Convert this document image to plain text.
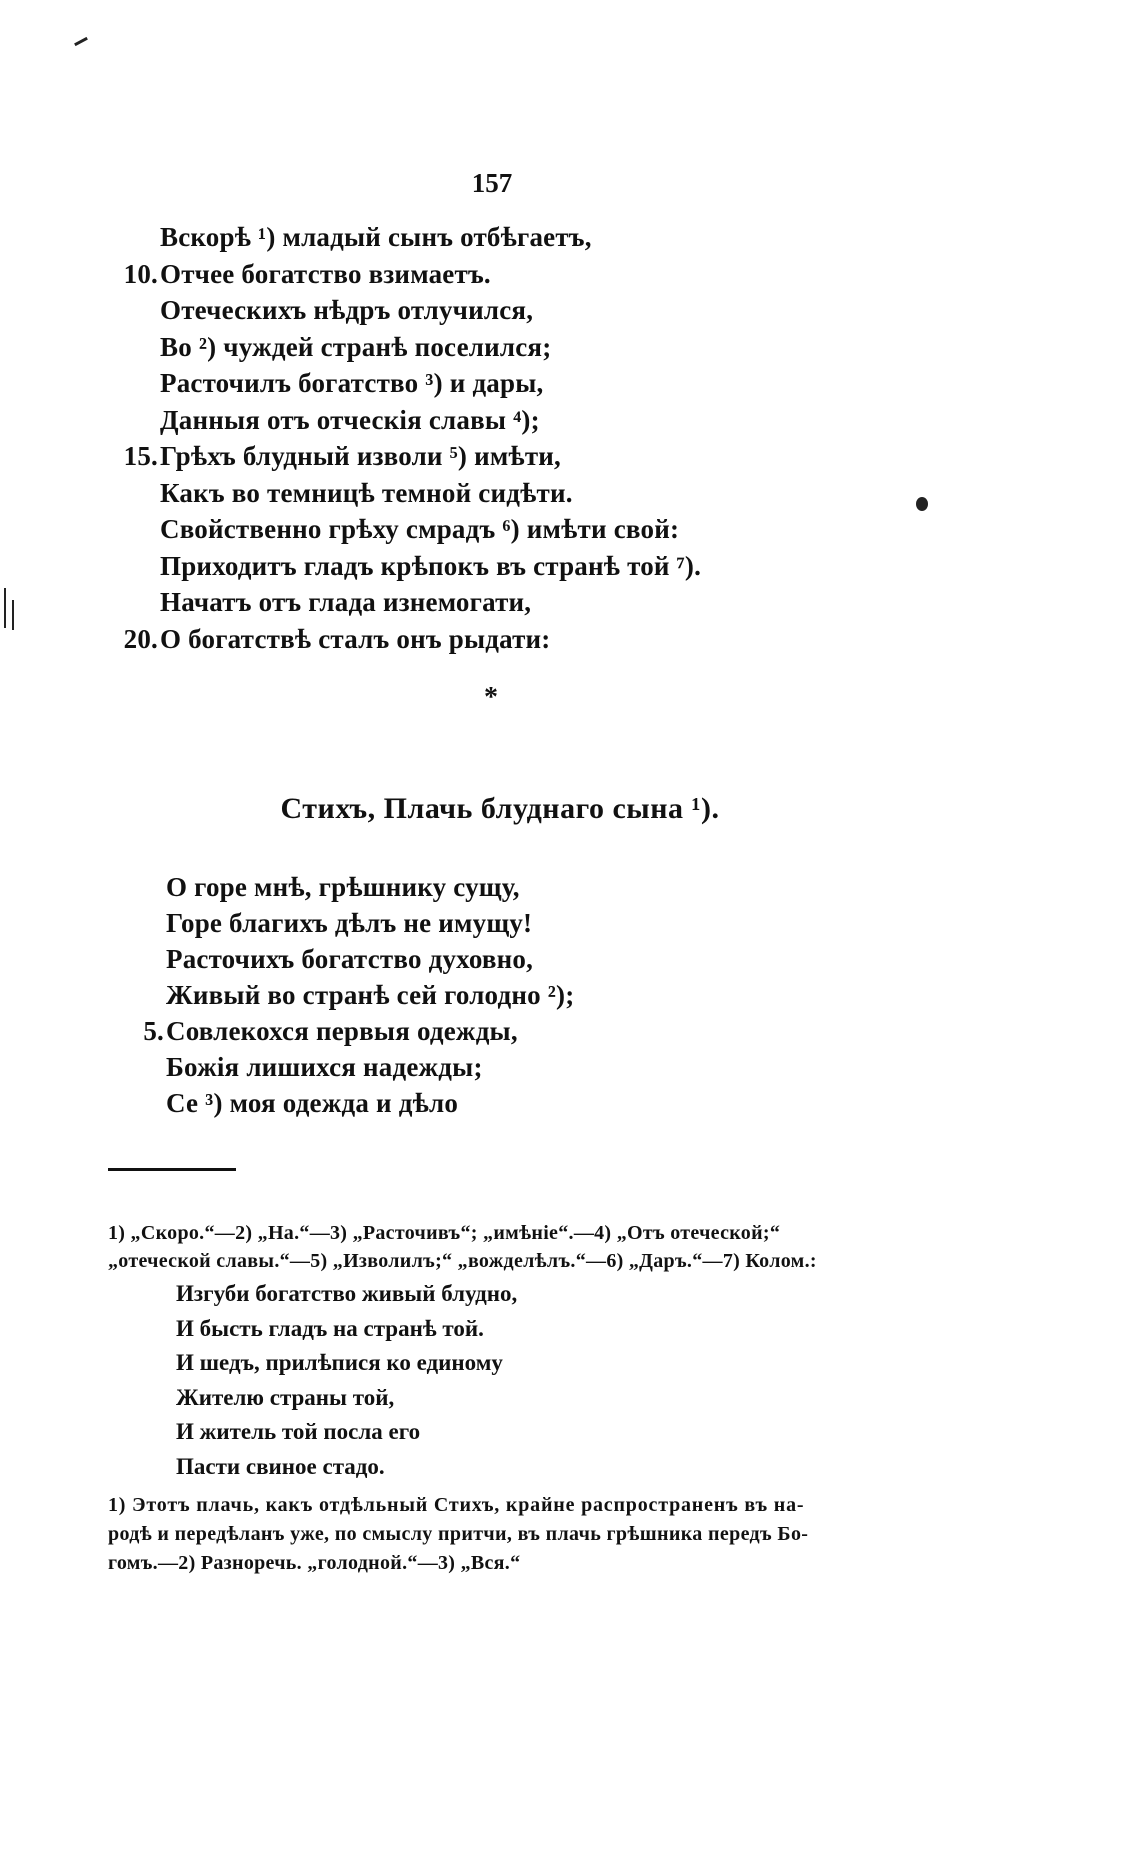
157
Вскорѣ ¹) младый сынъ отбѣгаетъ,
10. Отчее богатство взимаетъ.
Отеческихъ нѣдръ отлучился,
Во ²) чуждей странѣ поселился;
Расточилъ богатство ³) и дары,
Данныя отъ отческія славы ⁴);
15. Грѣхъ блудный изволи ⁵) имѣти,
Какъ во темницѣ темной сидѣти.
Свойственно грѣху смрадъ ⁶) имѣти свой:
Приходитъ гладъ крѣпокъ въ странѣ той ⁷).
Начатъ отъ глада изнемогати,
20. О богатствѣ сталъ онъ рыдати:
*
Стихъ, Плачь блуднаго сына ¹).
О горе мнѣ, грѣшнику сущу,
Горе благихъ дѣлъ не имущу!
Расточихъ богатство духовно,
Живый во странѣ сей голодно ²);
5. Совлекохся первыя одежды,
Божія лишихся надежды;
Се ³) моя одежда и дѣло
1) „Скоро.“—2) „На.“—3) „Расточивъ“; „имѣніе“.—4) „Отъ отеческой;“
„отеческой славы.“—5) „Изволилъ;“ „вожделѣлъ.“—6) „Даръ.“—7) Колом.:
Изгуби богатство живый блудно,
И бысть гладъ на странѣ той.
И шедъ, прилѣпися ко единому
Жителю страны той,
И житель той посла его
Пасти свиное стадо.
1) Этотъ плачь, какъ отдѣльный Стихъ, крайне распространенъ въ на-
родѣ и передѣланъ уже, по смыслу притчи, въ плачь грѣшника передъ Бо-
гомъ.—2) Разноречь. „голодной.“—3) „Вся.“
